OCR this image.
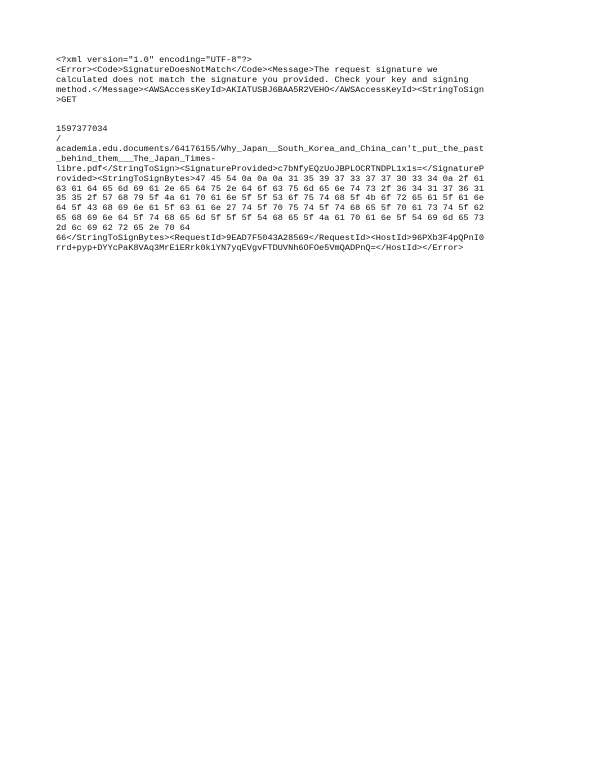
<?xml version="1.0" encoding="UTF-8"?>
<Error><Code>SignatureDoesNotMatch</Code><Message>The request signature we
calculated does not match the signature you provided. Check your key and signing
method.</Message><AWSAccessKeyId>AKIATUSBJ6BAA5R2VEHO</AWSAccessKeyId><StringToSign
>GET
1597377034
/
academia.edu.documents/64176155/Why_Japan__South_Korea_and_China_can't_put_the_past
_behind_them___The_Japan_Times-
libre.pdf</StringToSign><SignatureProvided>c7bNfyEQzUoJBPLOCRTNDPL1x1s=</SignatureP
rovided><StringToSignBytes>47 45 54 0a 0a 0a 31 35 39 37 33 37 37 30 33 34 0a 2f 61
63 61 64 65 6d 69 61 2e 65 64 75 2e 64 6f 63 75 6d 65 6e 74 73 2f 36 34 31 37 36 31
35 35 2f 57 68 79 5f 4a 61 70 61 6e 5f 5f 53 6f 75 74 68 5f 4b 6f 72 65 61 5f 61 6e
64 5f 43 68 69 6e 61 5f 63 61 6e 27 74 5f 70 75 74 5f 74 68 65 5f 70 61 73 74 5f 62
65 68 69 6e 64 5f 74 68 65 6d 5f 5f 5f 54 68 65 5f 4a 61 70 61 6e 5f 54 69 6d 65 73
2d 6c 69 62 72 65 2e 70 64
66</StringToSignBytes><RequestId>9EAD7F5043A28569</RequestId><HostId>96PXb3F4pQPnI0
rrd+pyp+DYYcPaK8VAq3MrEiERrk0kiYN7yqEVgvFTDUVNh6OFOe5VmQADPnQ=</HostId></Error>
